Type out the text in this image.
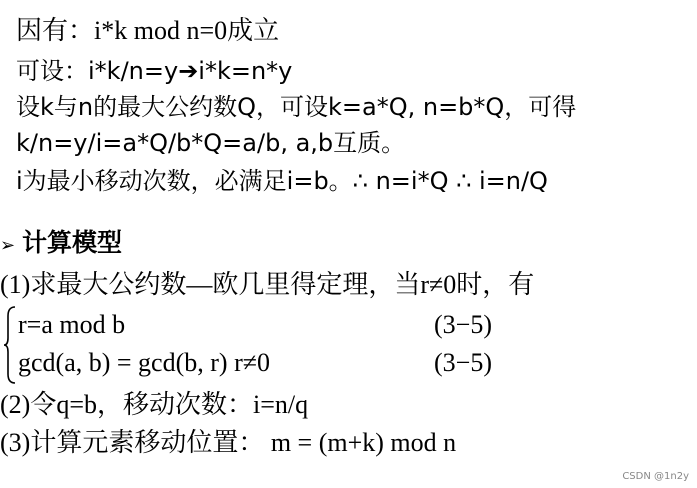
因有：i*k mod n=0成立
可设：i*k/n=y➔i*k=n*y
设k与n的最大公约数Q，可设k=a*Q, n=b*Q，可得
k/n=y/i=a*Q/b*Q=a/b, a,b互质。
i为最小移动次数，必满足i=b。∴ n=i*Q ∴ i=n/Q
➢ 计算模型
(1)求最大公约数—欧几里得定理，当r≠0时，有
r=a mod b	(3−5)
gcd(a, b) = gcd(b, r) r≠0	(3−5)
(2)令q=b，移动次数：i=n/q
(3)计算元素移动位置： m = (m+k) mod n
CSDN @1n2y
